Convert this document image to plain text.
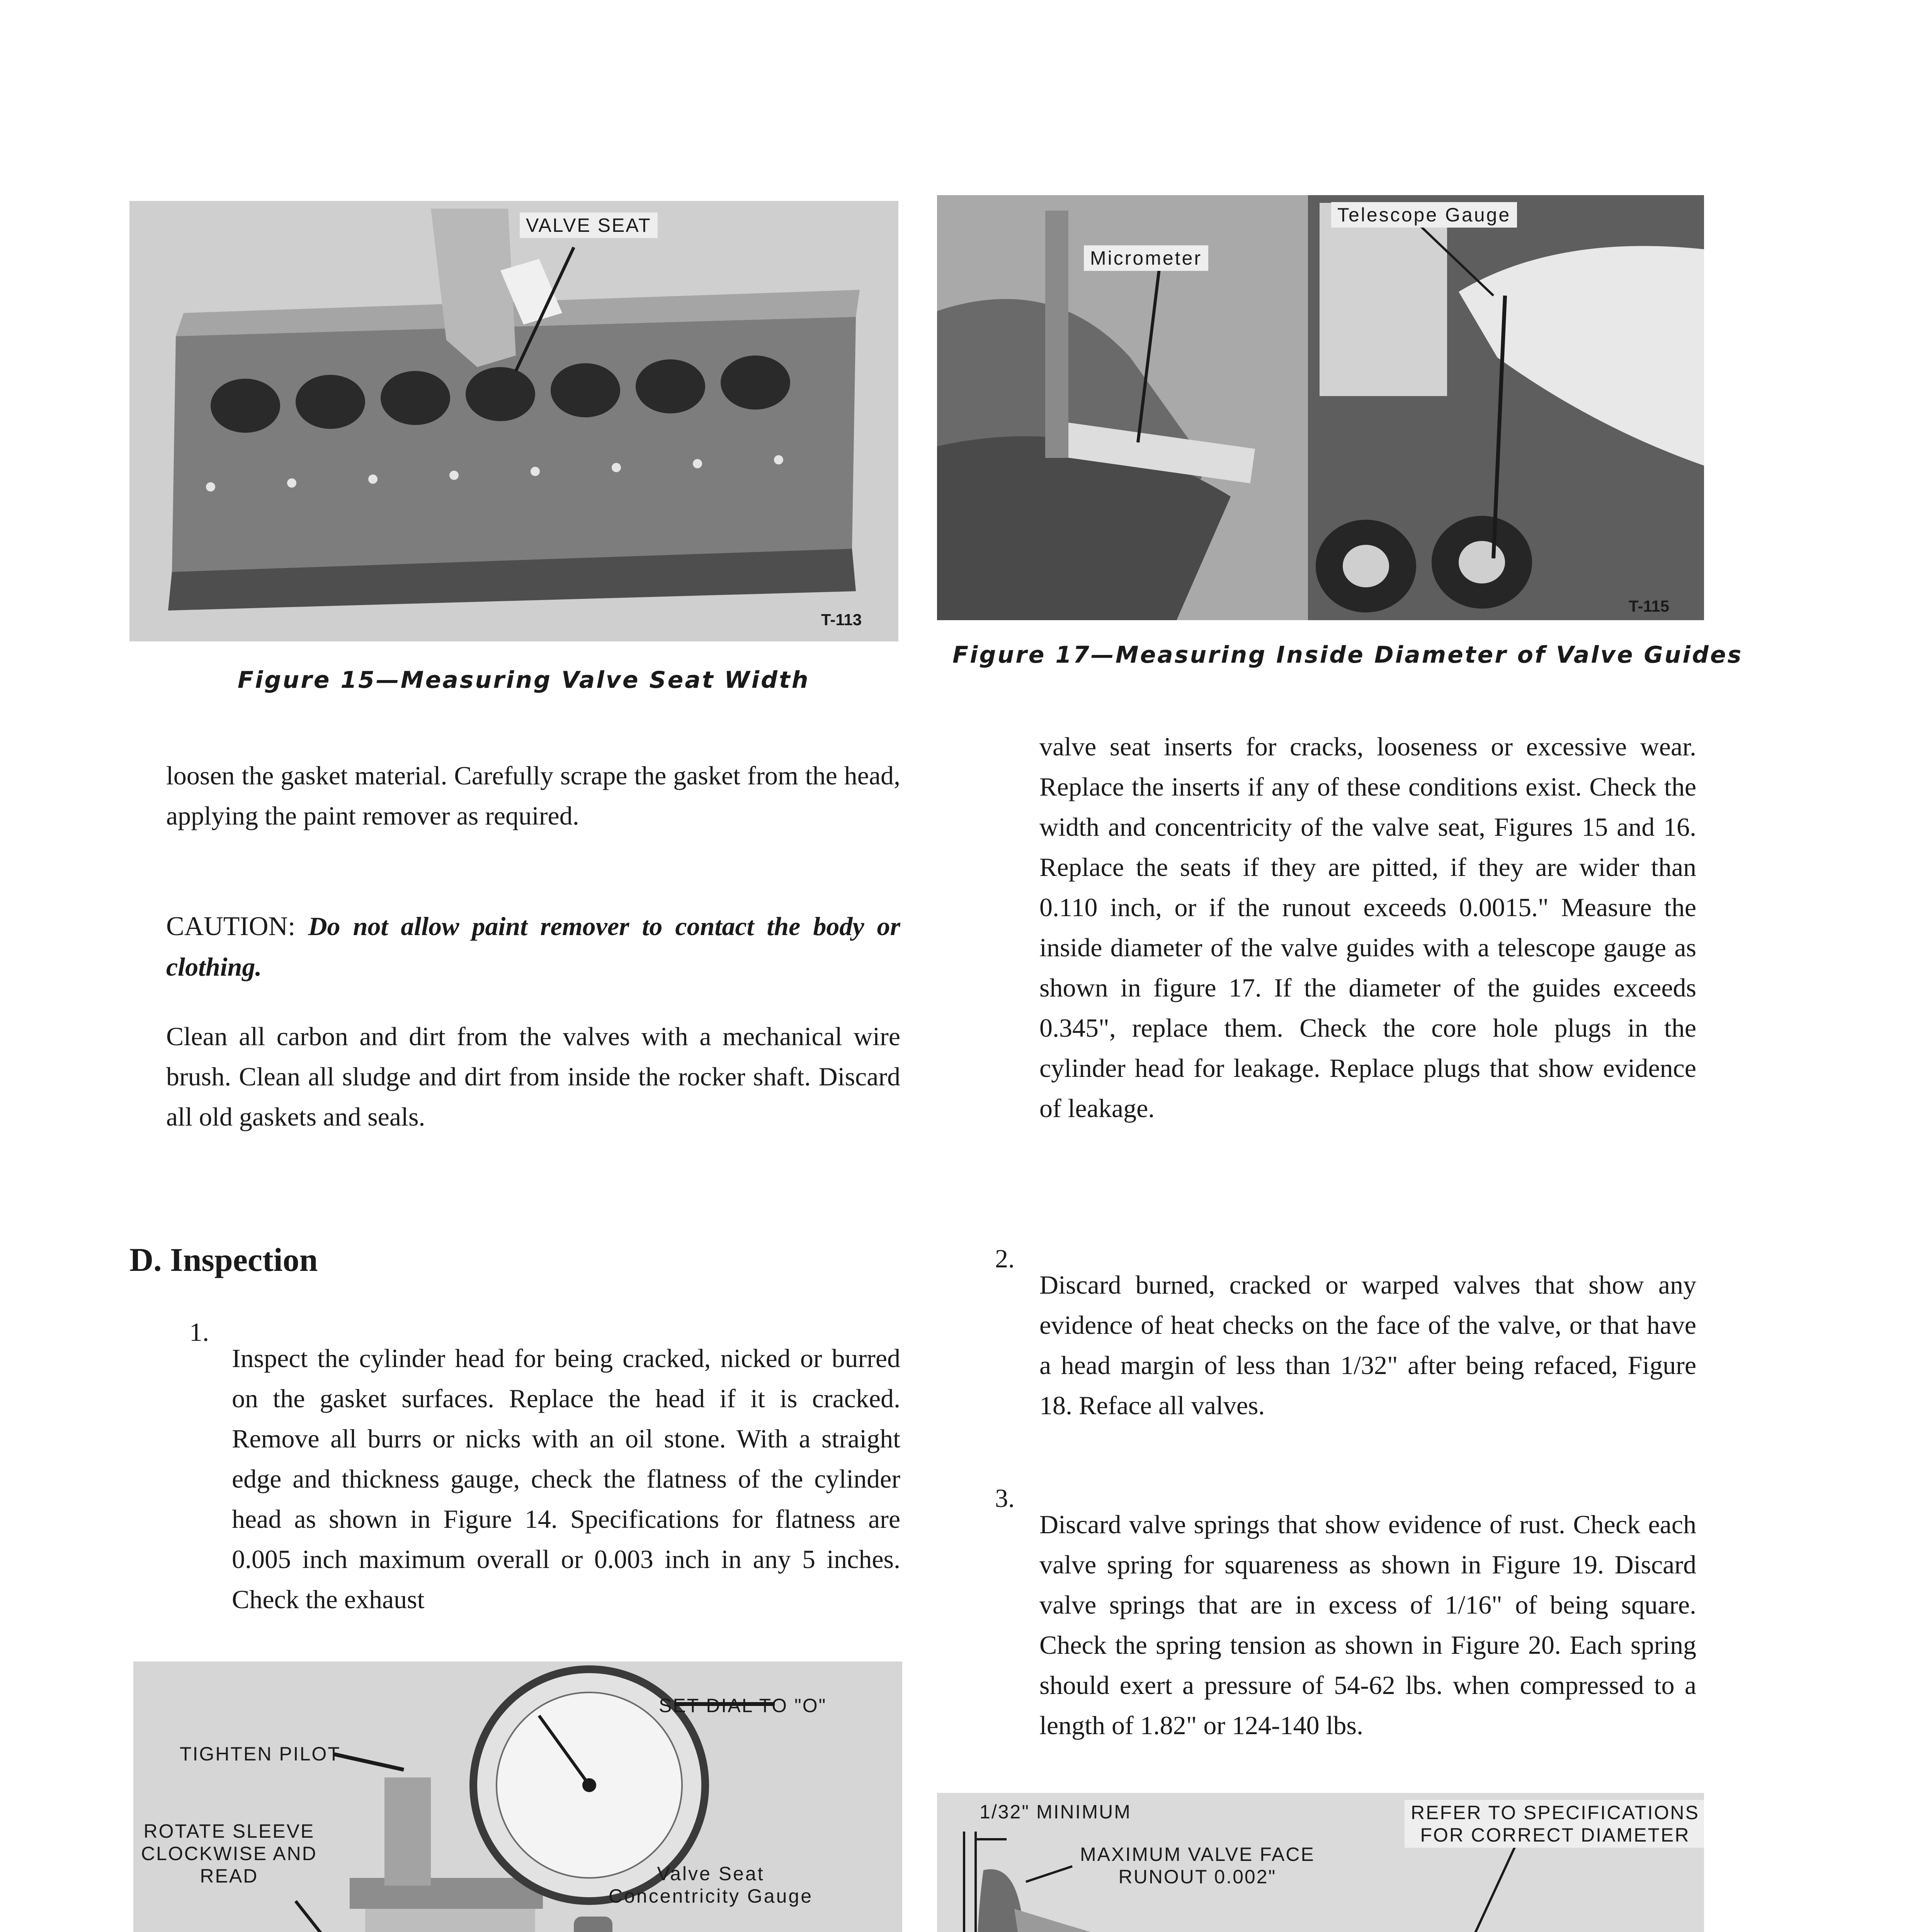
VALVE SEAT
T-113
Figure 15—Measuring Valve Seat Width
Micrometer
Telescope Gauge
T-115
Figure 17—Measuring Inside Diameter of Valve Guides

loosen the gasket material. Carefully scrape the gasket from the head, applying the paint remover as required.

CAUTION: Do not allow paint remover to contact the body or clothing.

Clean all carbon and dirt from the valves with a mechanical wire brush. Clean all sludge and dirt from inside the rocker shaft. Discard all old gaskets and seals.

D. Inspection
1.

Inspect the cylinder head for being cracked, nicked or burred on the gasket surfaces. Replace the head if it is cracked. Remove all burrs or nicks with an oil stone. With a straight edge and thickness gauge, check the flatness of the cylinder head as shown in Figure 14. Specifications for flatness are 0.005 inch maximum overall or 0.003 inch in any 5 inches. Check the exhaust

SET DIAL TO "O"
TIGHTEN PILOT
ROTATE SLEEVE
CLOCKWISE AND
READ	Valve Seat
Concentricity Gauge

valve seat inserts for cracks, looseness or excessive wear. Replace the inserts if any of these conditions exist. Check the width and concentricity of the valve seat, Figures 15 and 16. Replace the seats if they are pitted, if they are wider than 0.110 inch, or if the runout exceeds 0.0015." Measure the inside diameter of the valve guides with a telescope gauge as shown in figure 17. If the diameter of the guides exceeds 0.345", replace them. Check the core hole plugs in the cylinder head for leakage. Replace plugs that show evidence of leakage.

2.

Discard burned, cracked or warped valves that show any evidence of heat checks on the face of the valve, or that have a head margin of less than 1/32" after being refaced, Figure 18. Reface all valves.

3.

Discard valve springs that show evidence of rust. Check each valve spring for squareness as shown in Figure 19. Discard valve springs that are in excess of 1/16" of being square. Check the spring tension as shown in Figure 20. Each spring should exert a pressure of 54-62 lbs. when compressed to a length of 1.82" or 124-140 lbs.

1/32" MINIMUM
MAXIMUM VALVE FACE
RUNOUT 0.002"
REFER TO SPECIFICATIONS
FOR CORRECT DIAMETER
